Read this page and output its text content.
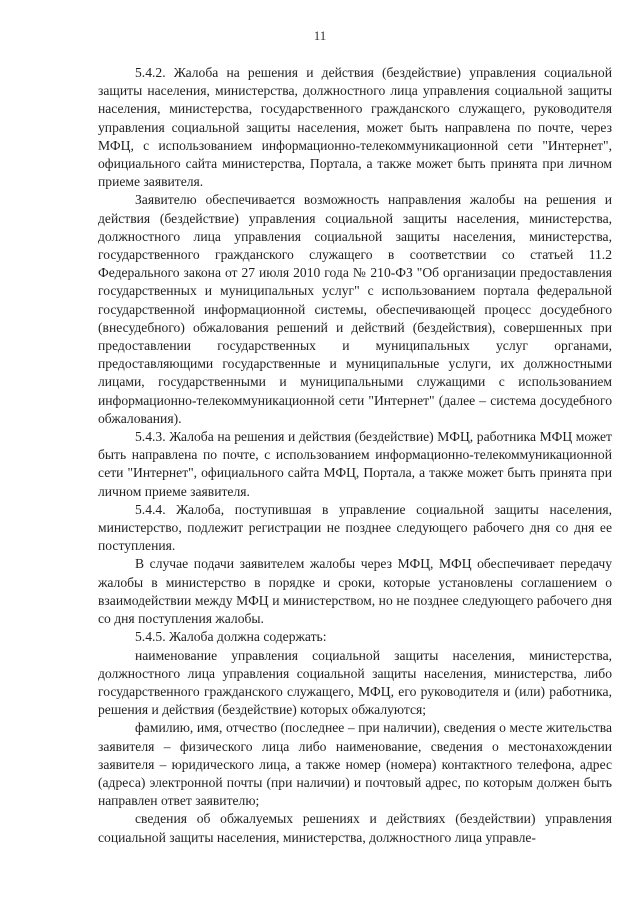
11

5.4.2. Жалоба на решения и действия (бездействие) управления социальной защиты населения, министерства, должностного лица управления социальной защиты населения, министерства, государственного гражданского служащего, руководителя управления социальной защиты населения, может быть направлена по почте, через МФЦ, с использованием информационно-телекоммуникационной сети "Интернет", официального сайта министерства, Портала, а также может быть принята при личном приеме заявителя.

Заявителю обеспечивается возможность направления жалобы на решения и действия (бездействие) управления социальной защиты населения, министерства, должностного лица управления социальной защиты населения, министерства, государственного гражданского служащего в соответствии со статьей 11.2 Федерального закона от 27 июля 2010 года № 210-ФЗ "Об организации предоставления государственных и муниципальных услуг" с использованием портала федеральной государственной информационной системы, обеспечивающей процесс досудебного (внесудебного) обжалования решений и действий (бездействия), совершенных при предоставлении государственных и муниципальных услуг органами, предоставляющими государственные и муниципальные услуги, их должностными лицами, государственными и муниципальными служащими с использованием информационно-телекоммуникационной сети "Интернет" (далее – система досудебного обжалования).

5.4.3. Жалоба на решения и действия (бездействие) МФЦ, работника МФЦ может быть направлена по почте, с использованием информационно-телекоммуникационной сети "Интернет", официального сайта МФЦ, Портала, а также может быть принята при личном приеме заявителя.

5.4.4. Жалоба, поступившая в управление социальной защиты населения, министерство, подлежит регистрации не позднее следующего рабочего дня со дня ее поступления.

В случае подачи заявителем жалобы через МФЦ, МФЦ обеспечивает передачу жалобы в министерство в порядке и сроки, которые установлены соглашением о взаимодействии между МФЦ и министерством, но не позднее следующего рабочего дня со дня поступления жалобы.

5.4.5. Жалоба должна содержать:

наименование управления социальной защиты населения, министерства, должностного лица управления социальной защиты населения, министерства, либо государственного гражданского служащего, МФЦ, его руководителя и (или) работника, решения и действия (бездействие) которых обжалуются;

фамилию, имя, отчество (последнее – при наличии), сведения о месте жительства заявителя – физического лица либо наименование, сведения о местонахождении заявителя – юридического лица, а также номер (номера) контактного телефона, адрес (адреса) электронной почты (при наличии) и почтовый адрес, по которым должен быть направлен ответ заявителю;

сведения об обжалуемых решениях и действиях (бездействии) управления социальной защиты населения, министерства, должностного лица управле-
